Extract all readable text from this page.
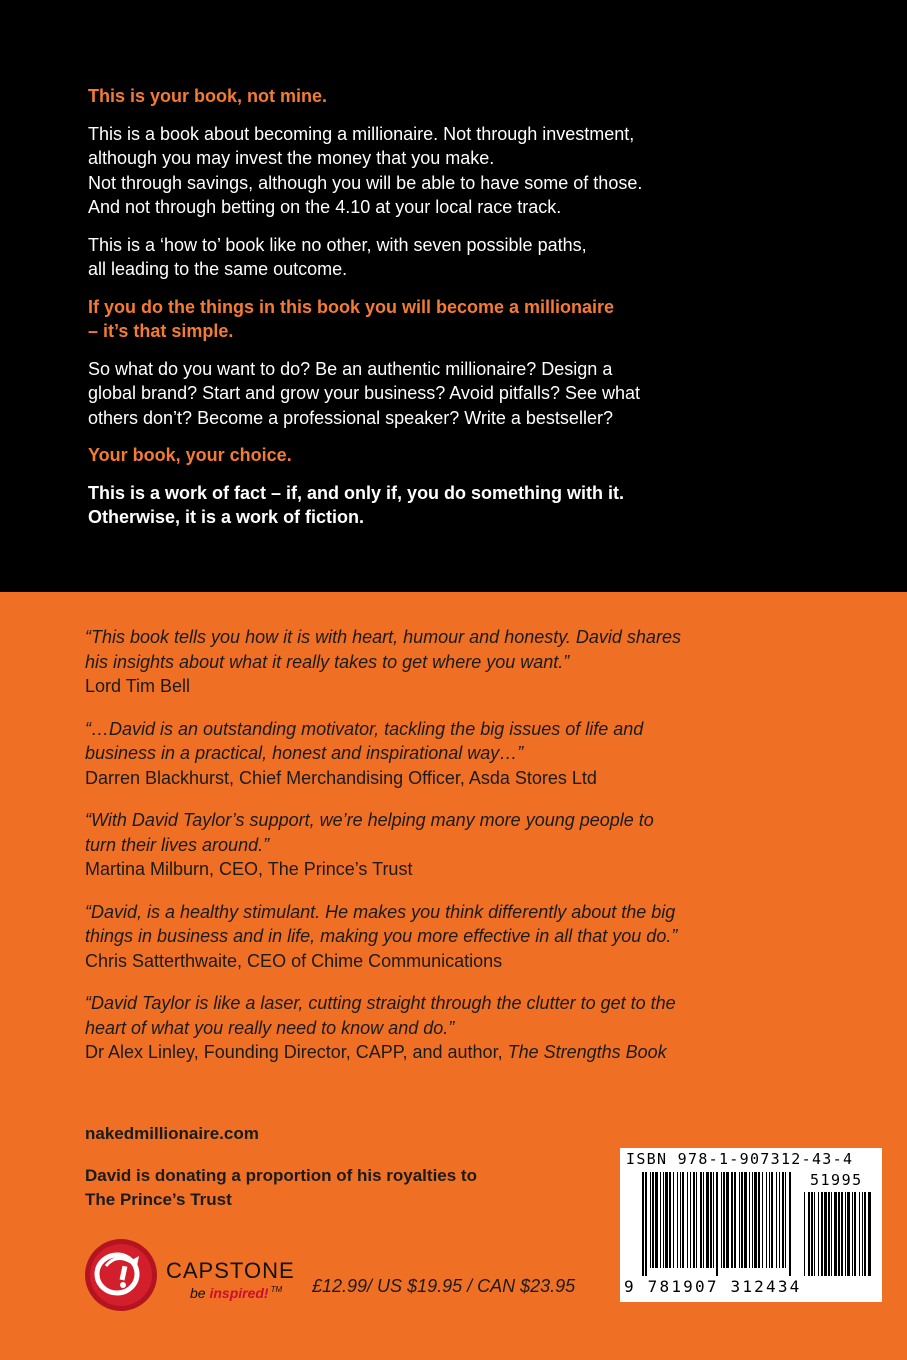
This is your book, not mine.

This is a book about becoming a millionaire. Not through investment,

although you may invest the money that you make.

Not through savings, although you will be able to have some of those.

And not through betting on the 4.10 at your local race track.

This is a ‘how to’ book like no other, with seven possible paths,

all leading to the same outcome.

If you do the things in this book you will become a millionaire

– it’s that simple.

So what do you want to do? Be an authentic millionaire? Design a

global brand? Start and grow your business? Avoid pitfalls? See what

others don’t? Become a professional speaker? Write a bestseller?

Your book, your choice.

This is a work of fact – if, and only if, you do something with it.

Otherwise, it is a work of fiction.

“This book tells you how it is with heart, humour and honesty. David shares
his insights about what it really takes to get where you want.”
Lord Tim Bell
“…David is an outstanding motivator, tackling the big issues of life and
business in a practical, honest and inspirational way…”
Darren Blackhurst, Chief Merchandising Officer, Asda Stores Ltd
“With David Taylor’s support, we’re helping many more young people to
turn their lives around.”
Martina Milburn, CEO, The Prince’s Trust
“David, is a healthy stimulant. He makes you think differently about the big
things in business and in life, making you more effective in all that you do.”
Chris Satterthwaite, CEO of Chime Communications
“David Taylor is like a laser, cutting straight through the clutter to get to the
heart of what you really need to know and do.”
Dr Alex Linley, Founding Director, CAPP, and author, The Strengths Book
nakedmillionaire.com
David is donating a proportion of his royalties to
The Prince’s Trust
CAPSTONE
be inspired! ™ £12.99/ US $19.95 / CAN $23.95
ISBN 978-1-907312-43-4
51995
9 781907 312434
